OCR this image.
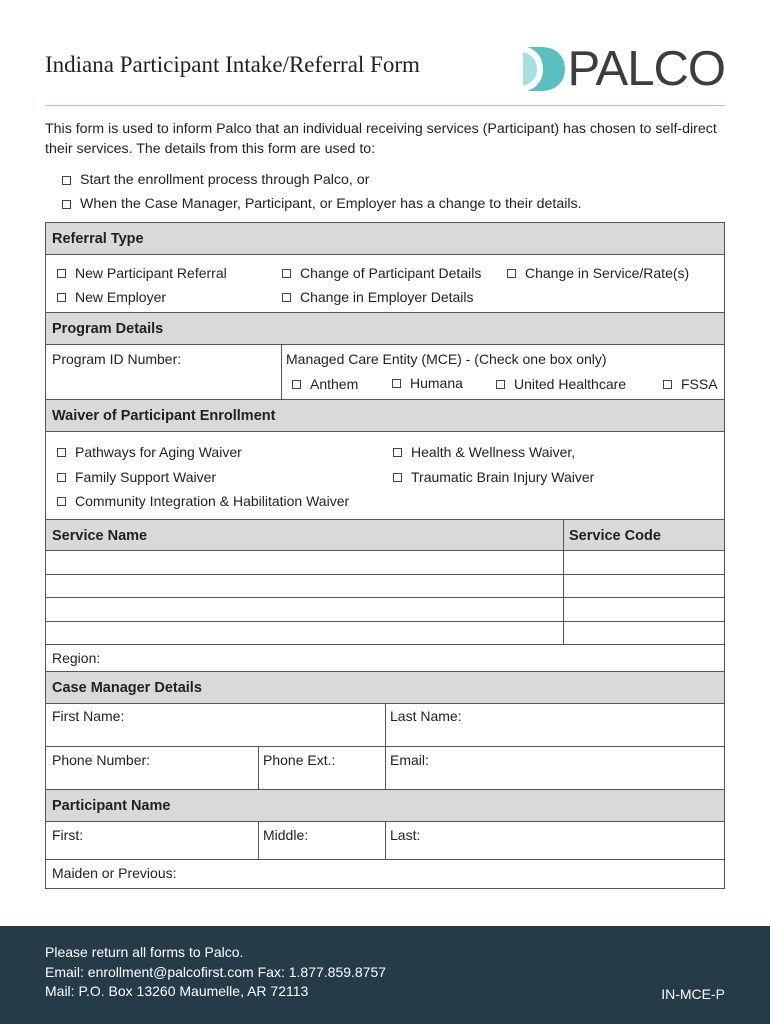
Indiana Participant Intake/Referral Form	PALCO
This form is used to inform Palco that an individual receiving services (Participant) has chosen to self-direct their services. The details from this form are used to:
Start the enrollment process through Palco, or
When the Case Manager, Participant, or Employer has a change to their details.
Referral Type
New Participant Referral	Change of Participant Details	Change in Service/Rate(s)
New Employer	Change in Employer Details
Program Details
Program ID Number:	Managed Care Entity (MCE) - (Check one box only)
Anthem	Humana	United Healthcare	FSSA
Waiver of Participant Enrollment
Pathways for Aging Waiver	Health & Wellness Waiver,
Family Support Waiver	Traumatic Brain Injury Waiver
Community Integration & Habilitation Waiver
Service Name	Service Code
Region:
Case Manager Details
First Name:	Last Name:
Phone Number:	Phone Ext.:	Email:
Participant Name
First:	Middle:	Last:
Maiden or Previous:
Please return all forms to Palco.
Email: enrollment@palcofirst.com Fax: 1.877.859.8757
Mail: P.O. Box 13260 Maumelle, AR 72113	IN-MCE-P
